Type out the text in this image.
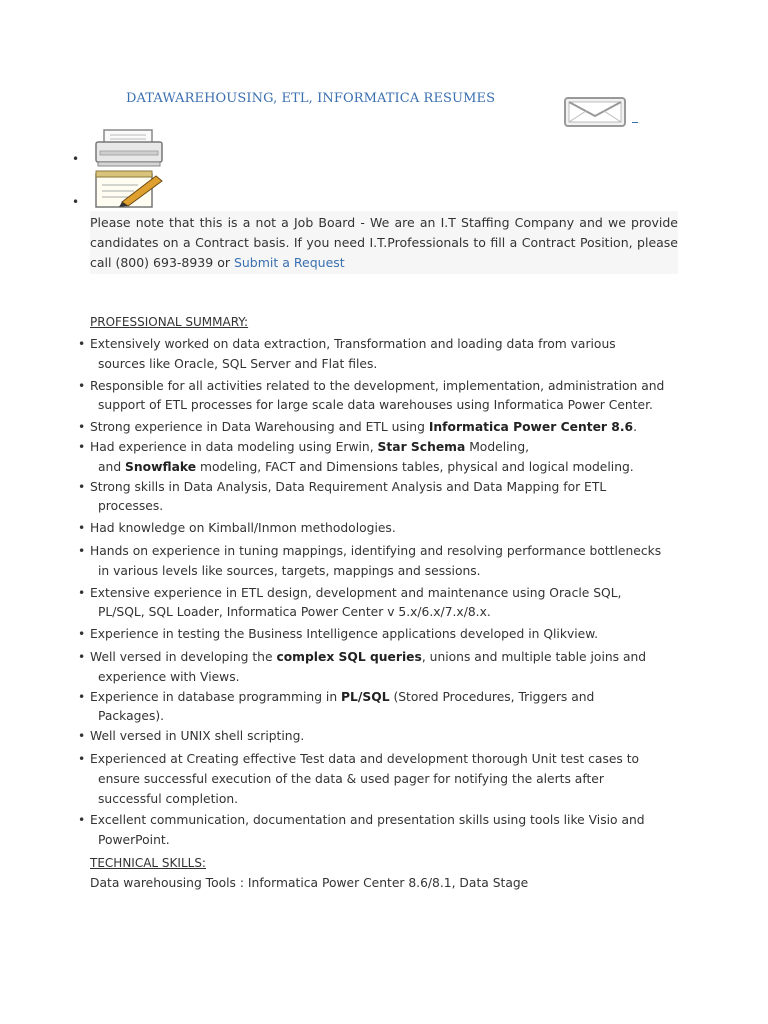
DATAWAREHOUSING, ETL, INFORMATICA RESUMES
•
•
Please note that this is a not a Job Board - We are an I.T Staffing Company and we provide candidates on a Contract basis. If you need I.T.Professionals to fill a Contract Position, please call (800) 693-8939 or Submit a Request
PROFESSIONAL SUMMARY:
• Extensively worked on data extraction, Transformation and loading data from various
sources like Oracle, SQL Server and Flat files.
• Responsible for all activities related to the development, implementation, administration and
support of ETL processes for large scale data warehouses using Informatica Power Center.
• Strong experience in Data Warehousing and ETL using Informatica Power Center 8.6.
• Had experience in data modeling using Erwin, Star Schema Modeling,
and Snowflake modeling, FACT and Dimensions tables, physical and logical modeling.
• Strong skills in Data Analysis, Data Requirement Analysis and Data Mapping for ETL
processes.
• Had knowledge on Kimball/Inmon methodologies.
• Hands on experience in tuning mappings, identifying and resolving performance bottlenecks
in various levels like sources, targets, mappings and sessions.
• Extensive experience in ETL design, development and maintenance using Oracle SQL,
PL/SQL, SQL Loader, Informatica Power Center v 5.x/6.x/7.x/8.x.
• Experience in testing the Business Intelligence applications developed in Qlikview.
• Well versed in developing the complex SQL queries, unions and multiple table joins and
experience with Views.
• Experience in database programming in PL/SQL (Stored Procedures, Triggers and
Packages).
• Well versed in UNIX shell scripting.
• Experienced at Creating effective Test data and development thorough Unit test cases to
ensure successful execution of the data & used pager for notifying the alerts after
successful completion.
• Excellent communication, documentation and presentation skills using tools like Visio and
PowerPoint.
TECHNICAL SKILLS:
Data warehousing Tools : Informatica Power Center 8.6/8.1, Data Stage
